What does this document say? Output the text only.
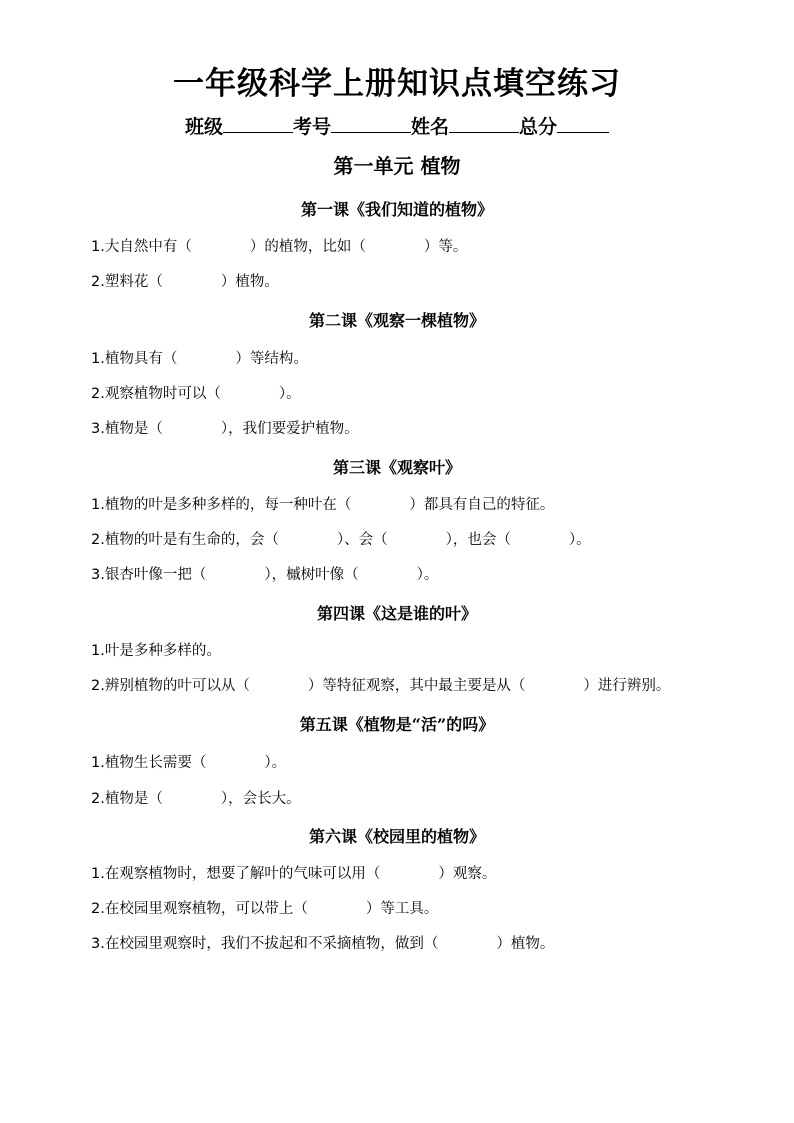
一年级科学上册知识点填空练习
班级	考号	姓名	总分
第一单元 植物
第一课《我们知道的植物》
1.大自然中有（　　　　）的植物，比如（　　　　）等。
2.塑料花（　　　　）植物。
第二课《观察一棵植物》
1.植物具有（　　　　）等结构。
2.观察植物时可以（　　　　）。
3.植物是（　　　　），我们要爱护植物。
第三课《观察叶》
1.植物的叶是多种多样的，每一种叶在（　　　　）都具有自己的特征。
2.植物的叶是有生命的，会（　　　　）、会（　　　　），也会（　　　　）。
3.银杏叶像一把（　　　　），槭树叶像（　　　　）。
第四课《这是谁的叶》
1.叶是多种多样的。
2.辨别植物的叶可以从（　　　　）等特征观察，其中最主要是从（　　　　）进行辨别。
第五课《植物是“活”的吗》
1.植物生长需要（　　　　）。
2.植物是（　　　　），会长大。
第六课《校园里的植物》
1.在观察植物时，想要了解叶的气味可以用（　　　　）观察。
2.在校园里观察植物，可以带上（　　　　）等工具。
3.在校园里观察时，我们不拔起和不采摘植物，做到（　　　　）植物。
